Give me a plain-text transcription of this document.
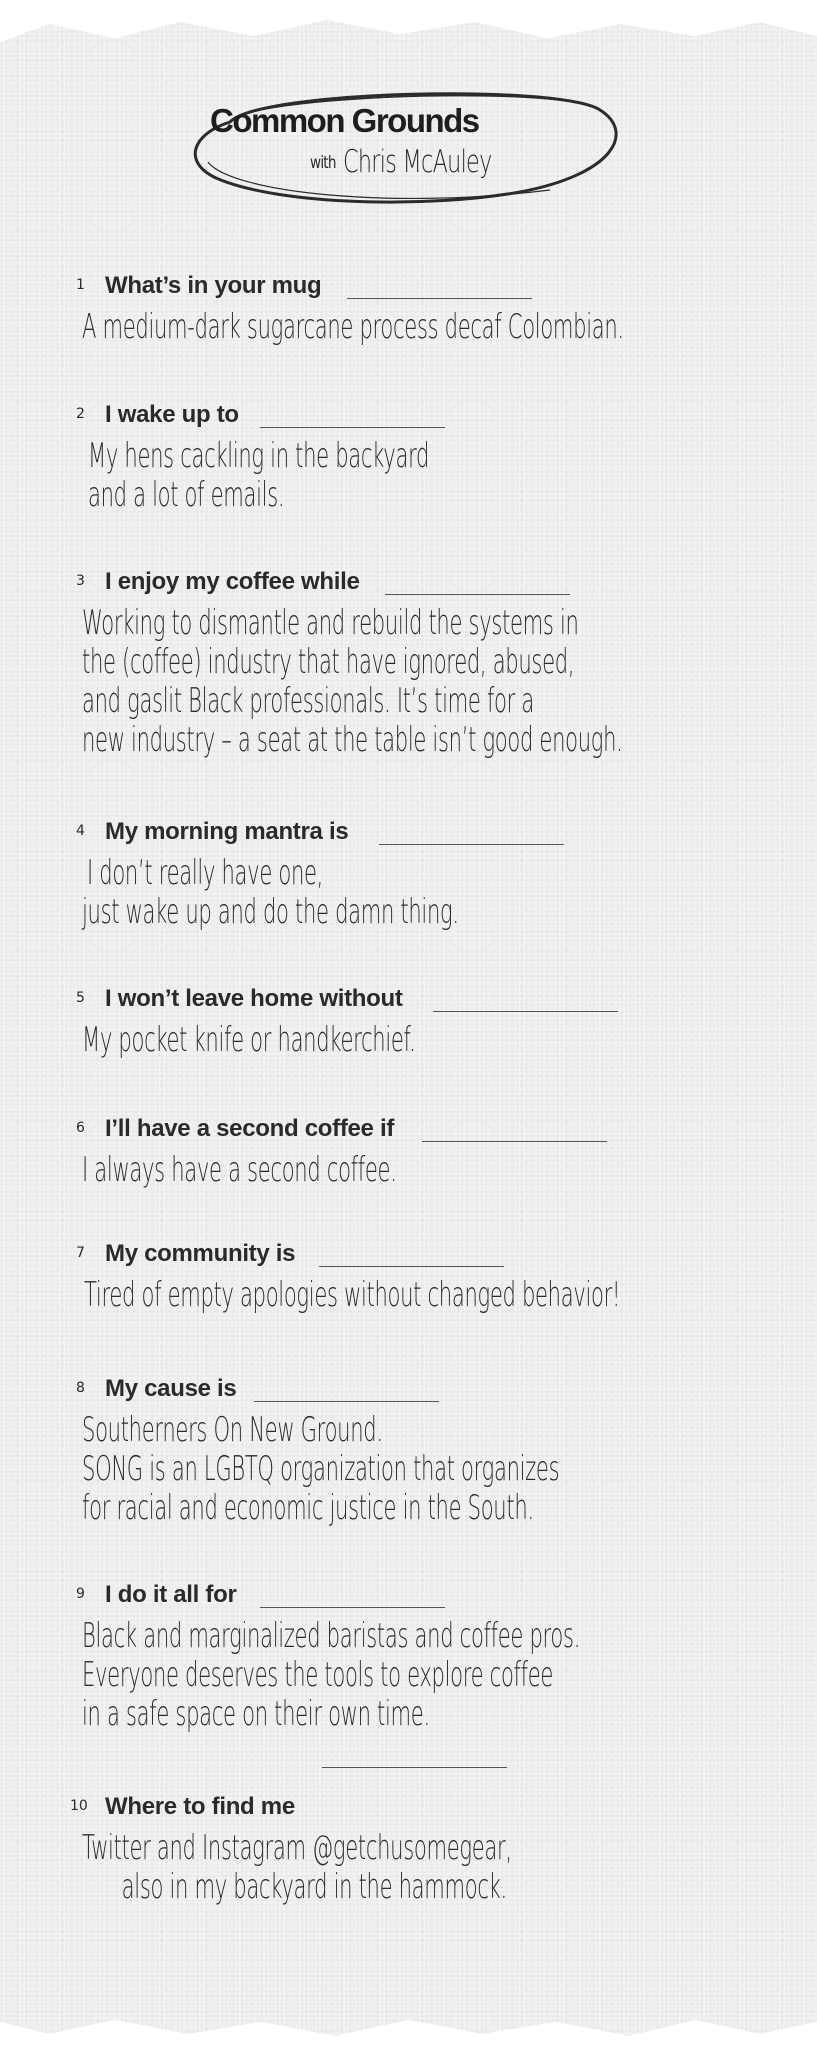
Common Grounds
with Chris McAuley
1 What’s in your mug
A medium-dark sugarcane process decaf Colombian.
2 I wake up to
My hens cackling in the backyard
and a lot of emails.
3 I enjoy my coffee while
Working to dismantle and rebuild the systems in
the (coffee) industry that have ignored, abused,
and gaslit Black professionals. It’s time for a
new industry – a seat at the table isn’t good enough.
4 My morning mantra is
I don’t really have one,
just wake up and do the damn thing.
5 I won’t leave home without
My pocket knife or handkerchief.
6 I’ll have a second coffee if
I always have a second coffee.
7 My community is
Tired of empty apologies without changed behavior!
8 My cause is
Southerners On New Ground.
SONG is an LGBTQ organization that organizes
for racial and economic justice in the South.
9 I do it all for
Black and marginalized baristas and coffee pros.
Everyone deserves the tools to explore coffee
in a safe space on their own time.
10 Where to find me
Twitter and Instagram @getchusomegear,
also in my backyard in the hammock.
